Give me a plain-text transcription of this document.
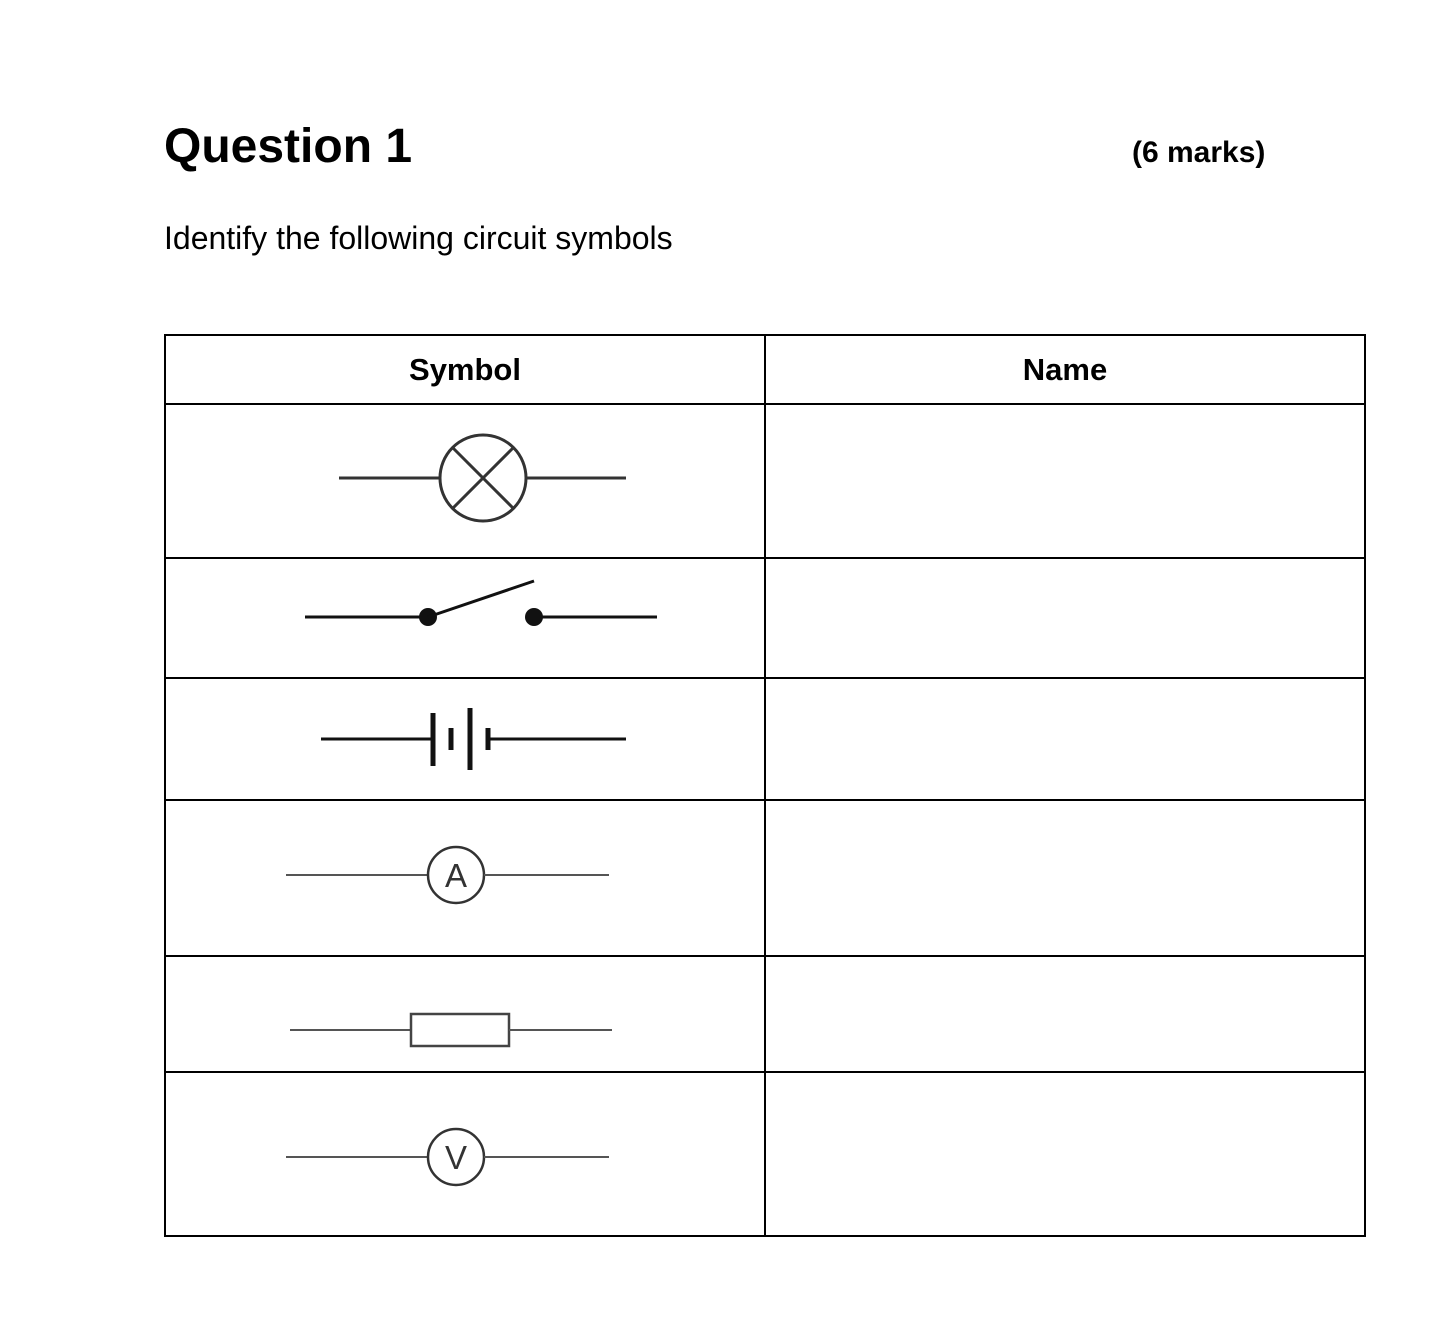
Question 1	(6 marks)
Identify the following circuit symbols
Symbol	Name

A	

V	
